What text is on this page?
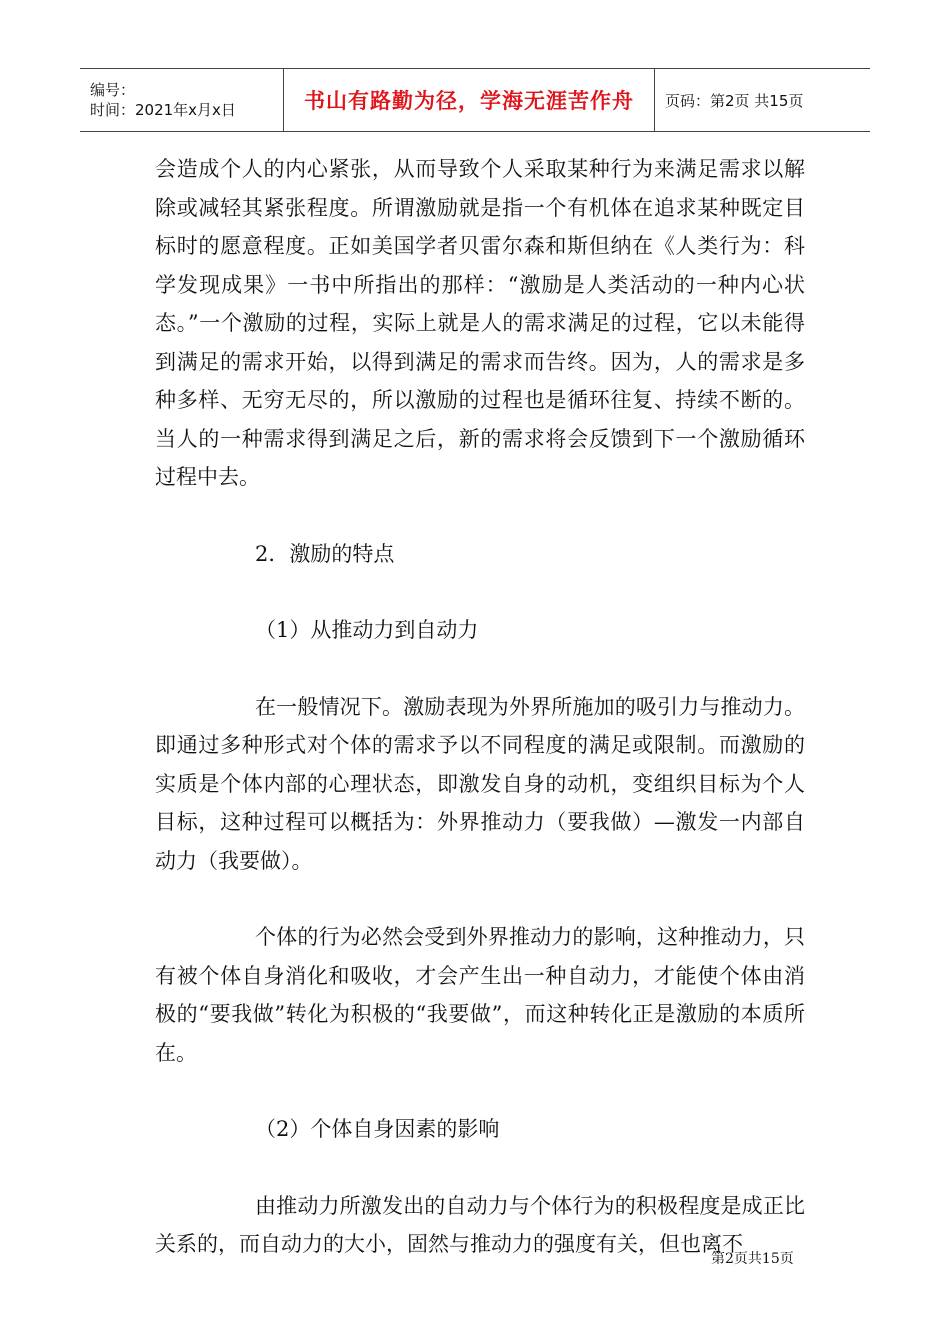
编号：
时间：2021年x月x日	书山有路勤为径，学海无涯苦作舟 页码：第2页 共15页

会造成个人的内心紧张，从而导致个人采取某种行为来满足需求以解除或减轻其紧张程度。所谓激励就是指一个有机体在追求某种既定目标时的愿意程度。正如美国学者贝雷尔森和斯但纳在《人类行为：科学发现成果》一书中所指出的那样：“激励是人类活动的一种内心状态。”一个激励的过程，实际上就是人的需求满足的过程，它以未能得到满足的需求开始，以得到满足的需求而告终。因为，人的需求是多种多样、无穷无尽的，所以激励的过程也是循环往复、持续不断的。当人的一种需求得到满足之后，新的需求将会反馈到下一个激励循环过程中去。

2．激励的特点

（1）从推动力到自动力

在一般情况下。激励表现为外界所施加的吸引力与推动力。即通过多种形式对个体的需求予以不同程度的满足或限制。而激励的实质是个体内部的心理状态，即激发自身的动机，变组织目标为个人目标，这种过程可以概括为：外界推动力（要我做）—激发一内部自动力（我要做）。

个体的行为必然会受到外界推动力的影响，这种推动力，只有被个体自身消化和吸收，才会产生出一种自动力，才能使个体由消极的“要我做”转化为积极的“我要做”，而这种转化正是激励的本质所在。

（2）个体自身因素的影响

由推动力所激发出的自动力与个体行为的积极程度是成正比关系的，而自动力的大小，固然与推动力的强度有关，但也离不

第2页共15页
